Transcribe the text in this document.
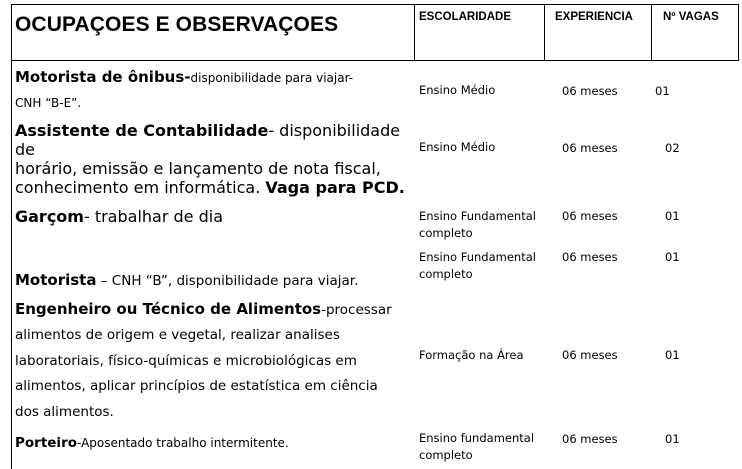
OCUPAÇOES E OBSERVAÇOES	ESCOLARIDADE	EXPERIENCIA	Nº VAGAS
Motorista de ônibus-disponibilidade para viajar-
CNH “B-E”.
Ensino Médio	06 meses	01
Assistente de Contabilidade- disponibilidade de
horário, emissão e lançamento de nota fiscal,
conhecimento em informática. Vaga para PCD.
Ensino Médio	06 meses	02
Garçom- trabalhar de dia	Ensino Fundamental
completo
06 meses	01
Motorista – CNH “B”, disponibilidade para viajar.
Ensino Fundamental
completo
06 meses	01
Engenheiro ou Técnico de Alimentos-processar
alimentos de origem e vegetal, realizar analises
laboratoriais, físico-químicas e microbiológicas em
alimentos, aplicar princípios de estatística em ciência
dos alimentos.
Formação na Área	06 meses	01
Porteiro-Aposentado trabalho intermitente.	Ensino fundamental
completo
06 meses	01
